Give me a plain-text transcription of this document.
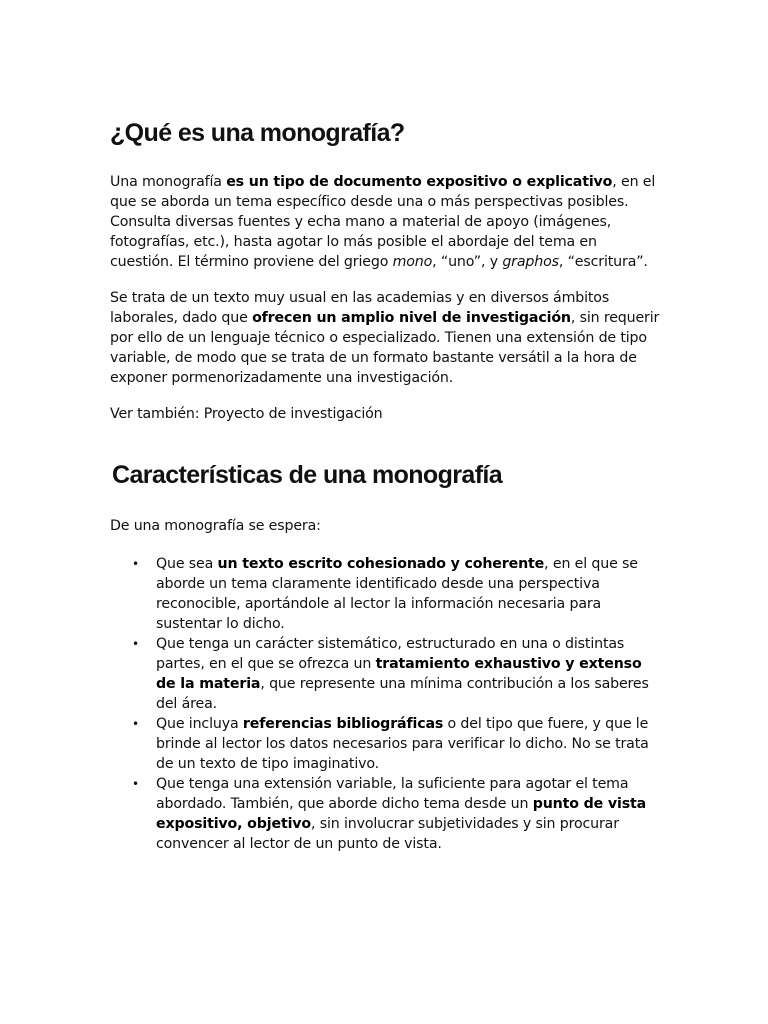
¿Qué es una monografía?

Una monografía es un tipo de documento expositivo o explicativo, en el que se aborda un tema específico desde una o más perspectivas posibles. Consulta diversas fuentes y echa mano a material de apoyo (imágenes, fotografías, etc.), hasta agotar lo más posible el abordaje del tema en cuestión. El término proviene del griego mono, “uno”, y graphos, “escritura”.

Se trata de un texto muy usual en las academias y en diversos ámbitos laborales, dado que ofrecen un amplio nivel de investigación, sin requerir por ello de un lenguaje técnico o especializado. Tienen una extensión de tipo variable, de modo que se trata de un formato bastante versátil a la hora de exponer pormenorizadamente una investigación.

Ver también: Proyecto de investigación

Características de una monografía

De una monografía se espera:

• Que sea un texto escrito cohesionado y coherente, en el que se aborde un tema claramente identificado desde una perspectiva reconocible, aportándole al lector la información necesaria para sustentar lo dicho.
• Que tenga un carácter sistemático, estructurado en una o distintas partes, en el que se ofrezca un tratamiento exhaustivo y extenso de la materia, que represente una mínima contribución a los saberes del área.
• Que incluya referencias bibliográficas o del tipo que fuere, y que le brinde al lector los datos necesarios para verificar lo dicho. No se trata de un texto de tipo imaginativo.
• Que tenga una extensión variable, la suficiente para agotar el tema abordado. También, que aborde dicho tema desde un punto de vista expositivo, objetivo, sin involucrar subjetividades y sin procurar convencer al lector de un punto de vista.
